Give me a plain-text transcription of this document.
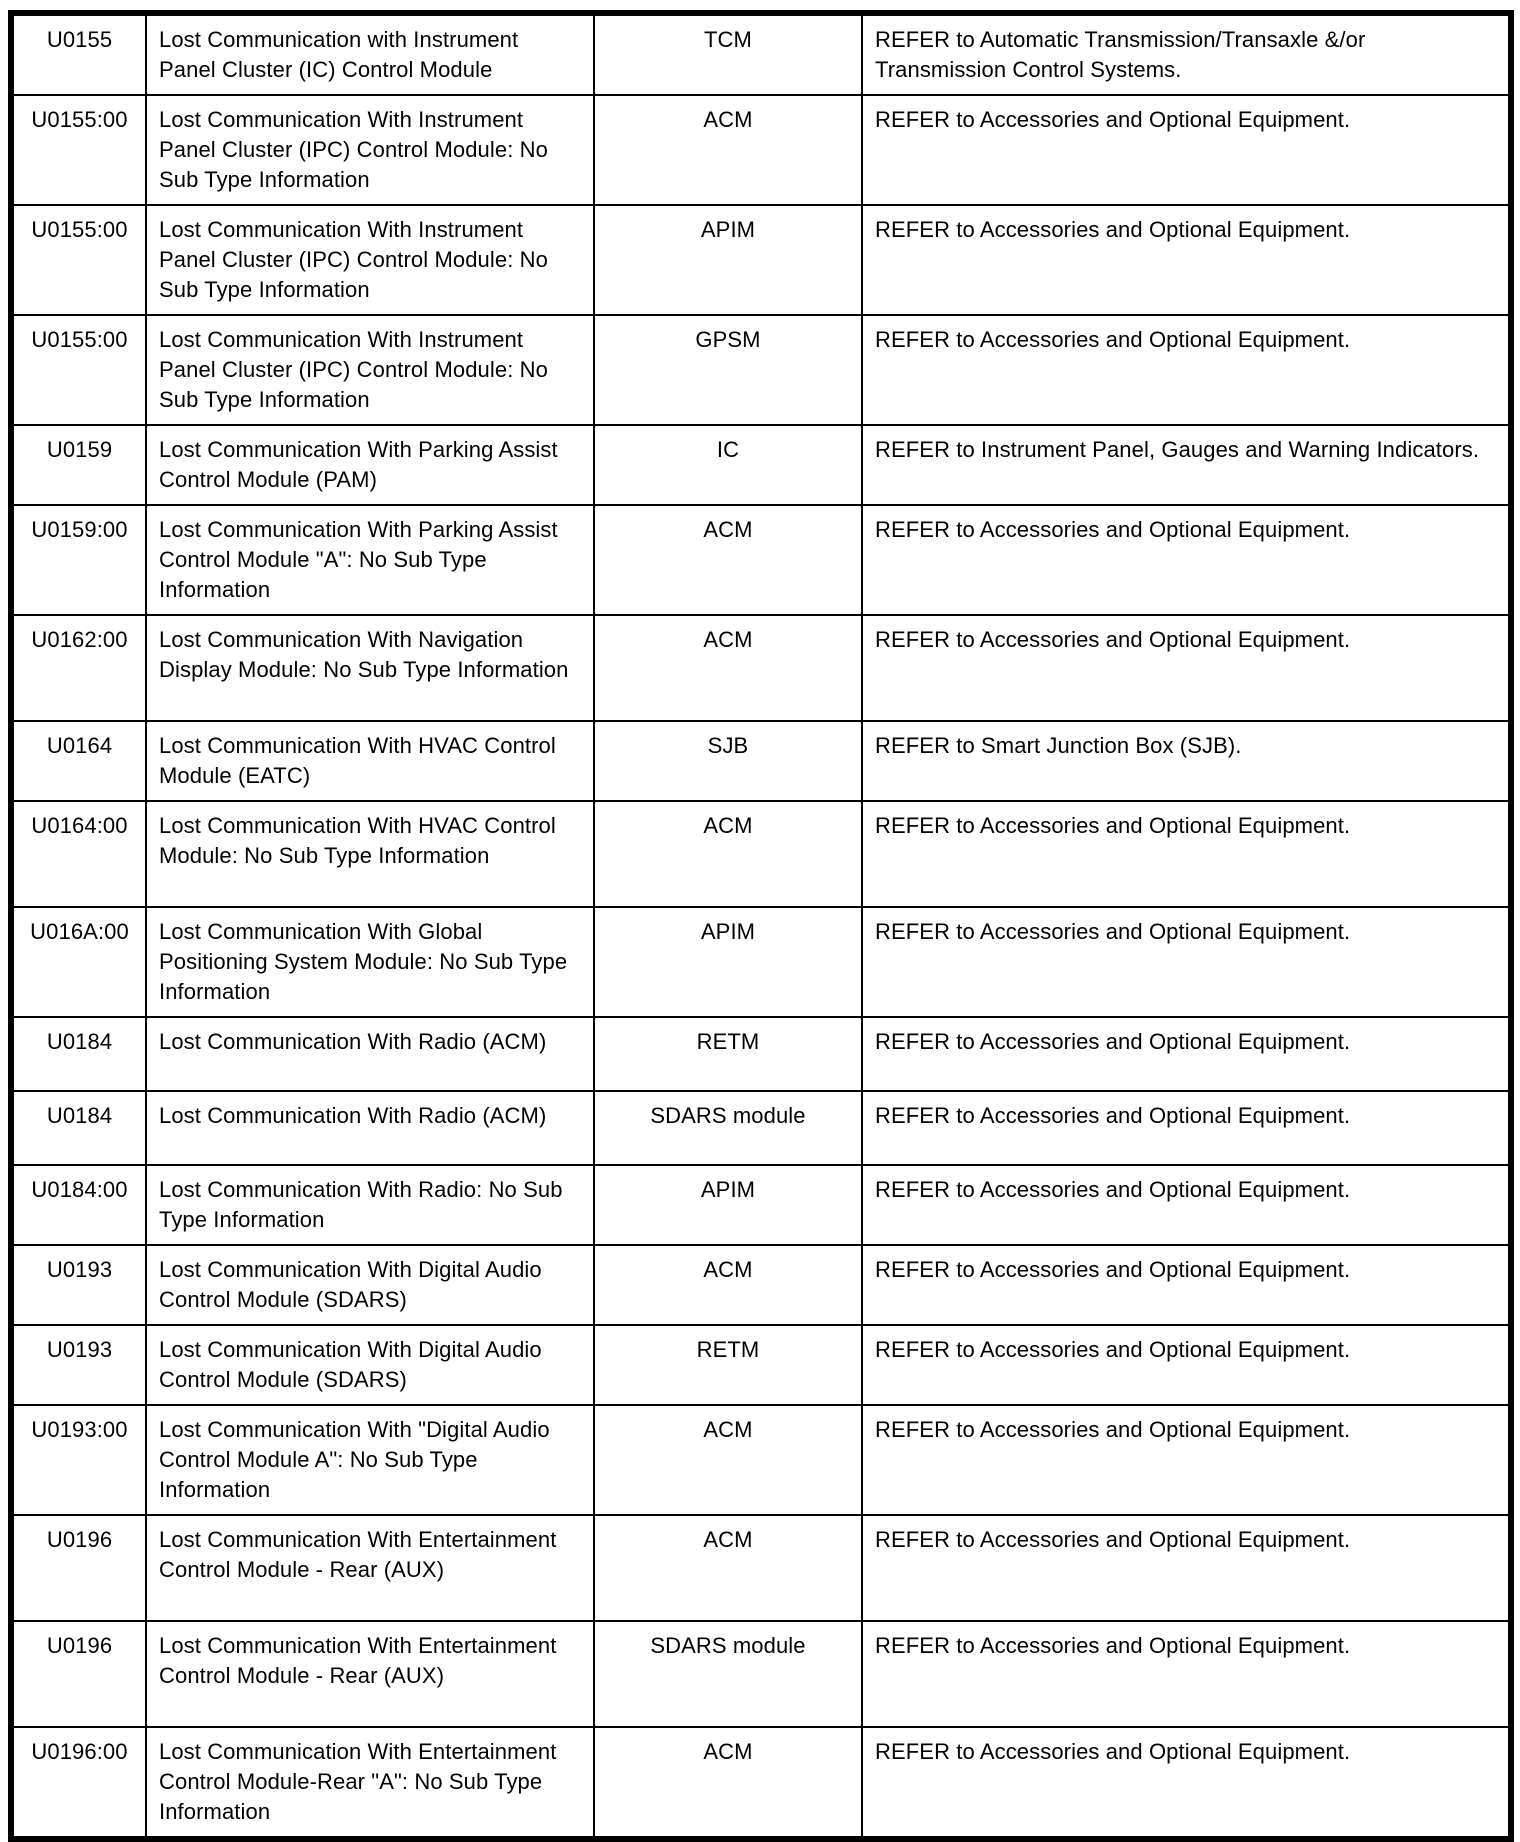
U0155	Lost Communication with Instrument Panel Cluster (IC) Control Module	TCM	REFER to Automatic Transmission/Transaxle &/or Transmission Control Systems.
U0155:00	Lost Communication With Instrument Panel Cluster (IPC) Control Module: No Sub Type Information	ACM	REFER to Accessories and Optional Equipment.
U0155:00	Lost Communication With Instrument Panel Cluster (IPC) Control Module: No Sub Type Information	APIM	REFER to Accessories and Optional Equipment.
U0155:00	Lost Communication With Instrument Panel Cluster (IPC) Control Module: No Sub Type Information	GPSM	REFER to Accessories and Optional Equipment.
U0159	Lost Communication With Parking Assist Control Module (PAM)	IC	REFER to Instrument Panel, Gauges and Warning Indicators.
U0159:00	Lost Communication With Parking Assist Control Module "A": No Sub Type Information	ACM	REFER to Accessories and Optional Equipment.
U0162:00	Lost Communication With Navigation Display Module: No Sub Type Information	ACM	REFER to Accessories and Optional Equipment.
U0164	Lost Communication With HVAC Control Module (EATC)	SJB	REFER to Smart Junction Box (SJB).
U0164:00	Lost Communication With HVAC Control Module: No Sub Type Information	ACM	REFER to Accessories and Optional Equipment.
U016A:00	Lost Communication With Global Positioning System Module: No Sub Type Information	APIM	REFER to Accessories and Optional Equipment.
U0184	Lost Communication With Radio (ACM)	RETM	REFER to Accessories and Optional Equipment.
U0184	Lost Communication With Radio (ACM)	SDARS module	REFER to Accessories and Optional Equipment.
U0184:00	Lost Communication With Radio: No Sub Type Information	APIM	REFER to Accessories and Optional Equipment.
U0193	Lost Communication With Digital Audio Control Module (SDARS)	ACM	REFER to Accessories and Optional Equipment.
U0193	Lost Communication With Digital Audio Control Module (SDARS)	RETM	REFER to Accessories and Optional Equipment.
U0193:00	Lost Communication With "Digital Audio Control Module A": No Sub Type Information	ACM	REFER to Accessories and Optional Equipment.
U0196	Lost Communication With Entertainment Control Module - Rear (AUX)	ACM	REFER to Accessories and Optional Equipment.
U0196	Lost Communication With Entertainment Control Module - Rear (AUX)	SDARS module	REFER to Accessories and Optional Equipment.
U0196:00	Lost Communication With Entertainment Control Module-Rear "A": No Sub Type Information	ACM	REFER to Accessories and Optional Equipment.
